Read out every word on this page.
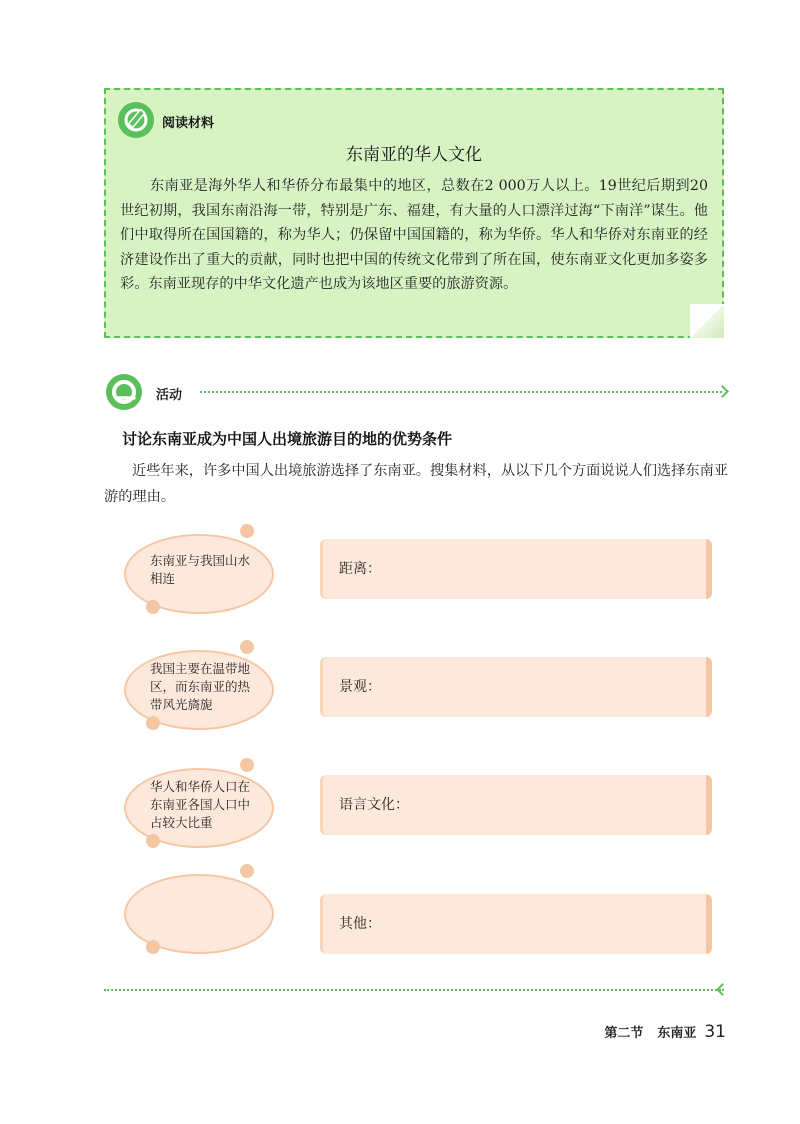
阅读材料
东南亚的华人文化
东南亚是海外华人和华侨分布最集中的地区，总数在2 000万人以上。19世纪后期到20世纪初期，我国东南沿海一带，特别是广东、福建，有大量的人口漂洋过海“下南洋”谋生。他们中取得所在国国籍的，称为华人；仍保留中国国籍的，称为华侨。华人和华侨对东南亚的经济建设作出了重大的贡献，同时也把中国的传统文化带到了所在国，使东南亚文化更加多姿多彩。东南亚现存的中华文化遗产也成为该地区重要的旅游资源。
活动
讨论东南亚成为中国人出境旅游目的地的优势条件
近些年来，许多中国人出境旅游选择了东南亚。搜集材料，从以下几个方面说说人们选择东南亚游的理由。
东南亚与我国山水相连
距离：
我国主要在温带地区，而东南亚的热带风光旖旎
景观：
华人和华侨人口在东南亚各国人口中占较大比重
语言文化：
其他：
第二节 东南亚 31
